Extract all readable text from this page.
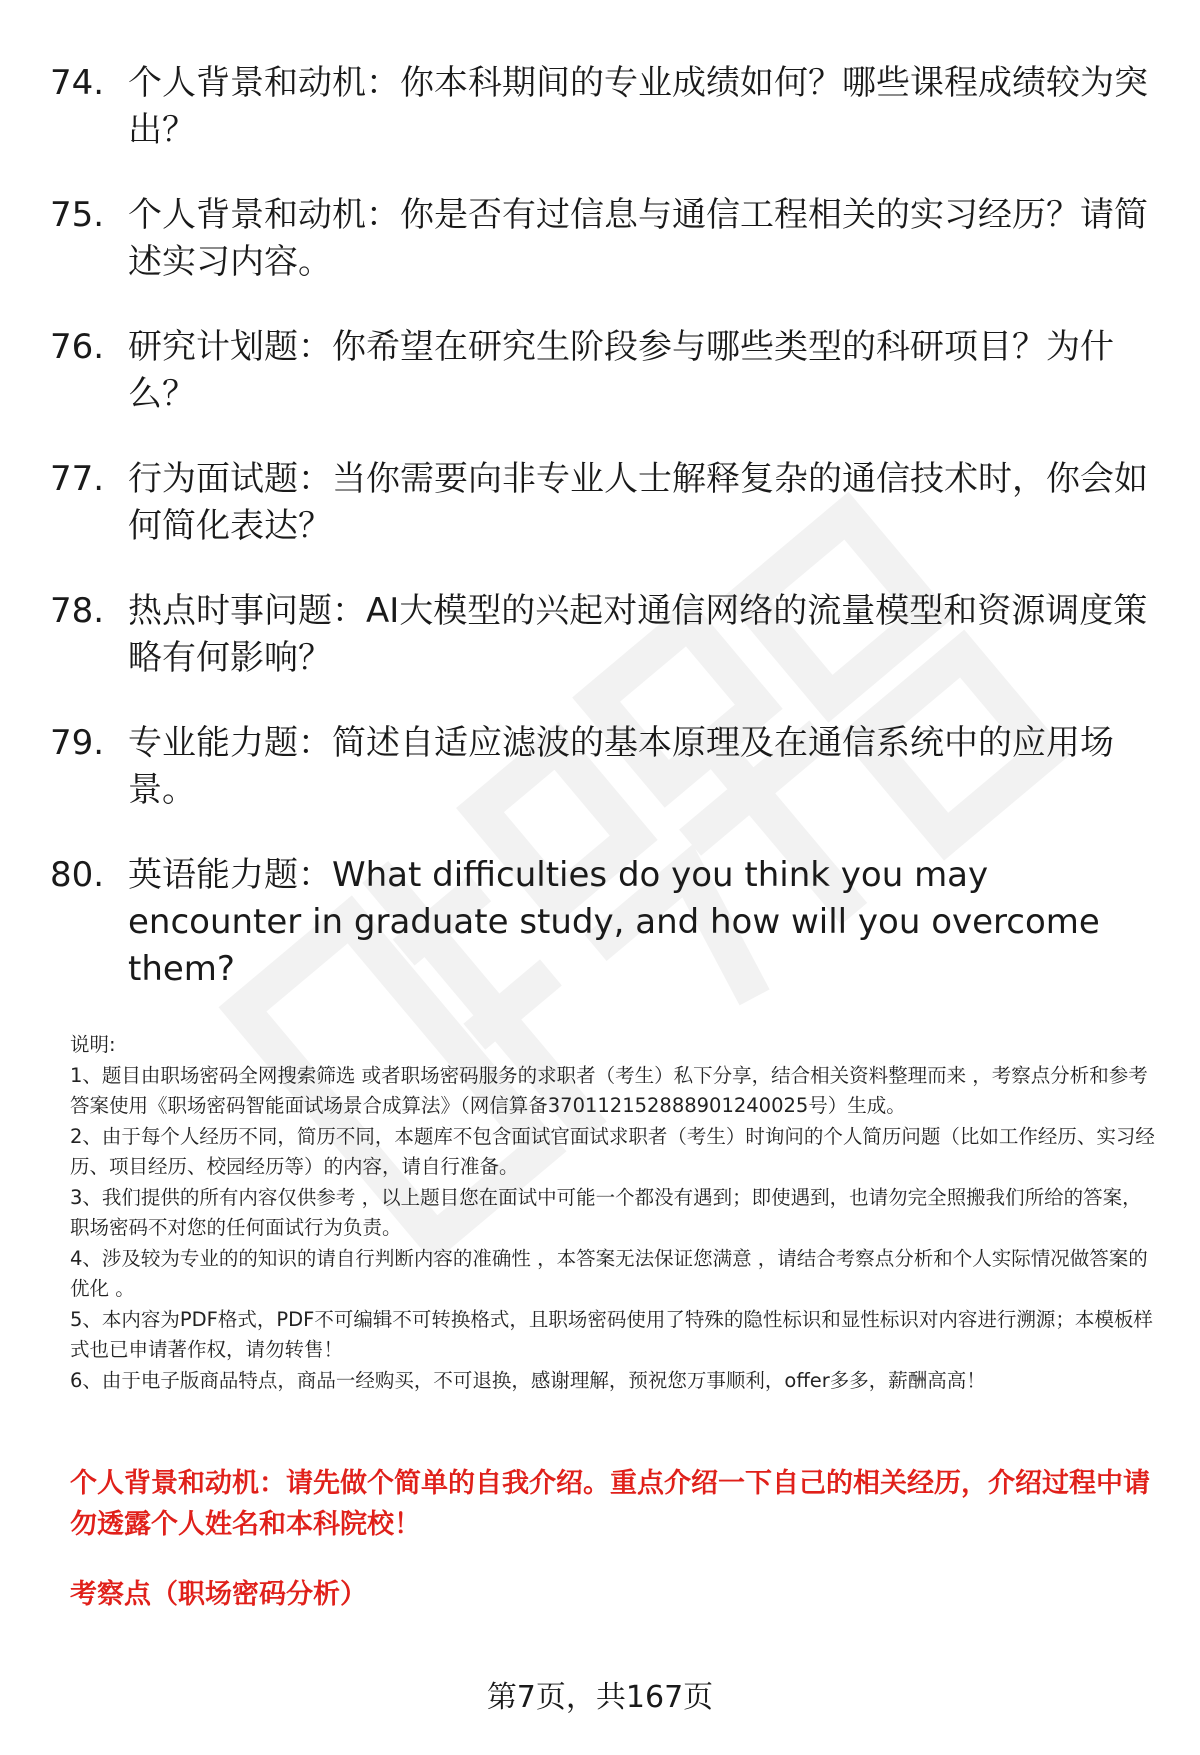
74. 个人背景和动机：你本科期间的专业成绩如何？哪些课程成绩较为突出？
75. 个人背景和动机：你是否有过信息与通信工程相关的实习经历？请简述实习内容。
76. 研究计划题：你希望在研究生阶段参与哪些类型的科研项目？为什么？
77. 行为面试题：当你需要向非专业人士解释复杂的通信技术时，你会如何简化表达？
78. 热点时事问题：AI大模型的兴起对通信网络的流量模型和资源调度策略有何影响？
79. 专业能力题：简述自适应滤波的基本原理及在通信系统中的应用场景。
80. 英语能力题：What difficulties do you think you may encounter in graduate study, and how will you overcome them?

说明:

1、题目由职场密码全网搜索筛选 或者职场密码服务的求职者（考生）私下分享，结合相关资料整理而来 ，考察点分析和参考答案使用《职场密码智能面试场景合成算法》（网信算备370112152888901240025号）生成。

2、由于每个人经历不同，简历不同，本题库不包含面试官面试求职者（考生）时询问的个人简历问题（比如工作经历、实习经历、项目经历、校园经历等）的内容，请自行准备。

3、我们提供的所有内容仅供参考 ，以上题目您在面试中可能一个都没有遇到；即使遇到，也请勿完全照搬我们所给的答案，职场密码不对您的任何面试行为负责。

4、涉及较为专业的的知识的请自行判断内容的准确性 ，本答案无法保证您满意 ，请结合考察点分析和个人实际情况做答案的优化 。

5、本内容为PDF格式，PDF不可编辑不可转换格式，且职场密码使用了特殊的隐性标识和显性标识对内容进行溯源；本模板样式也已申请著作权，请勿转售！

6、由于电子版商品特点，商品一经购买，不可退换，感谢理解，预祝您万事顺利，offer多多，薪酬高高！

个人背景和动机：请先做个简单的自我介绍。重点介绍一下自己的相关经历，介绍过程中请勿透露个人姓名和本科院校！

考察点（职场密码分析）

第7页，共167页
